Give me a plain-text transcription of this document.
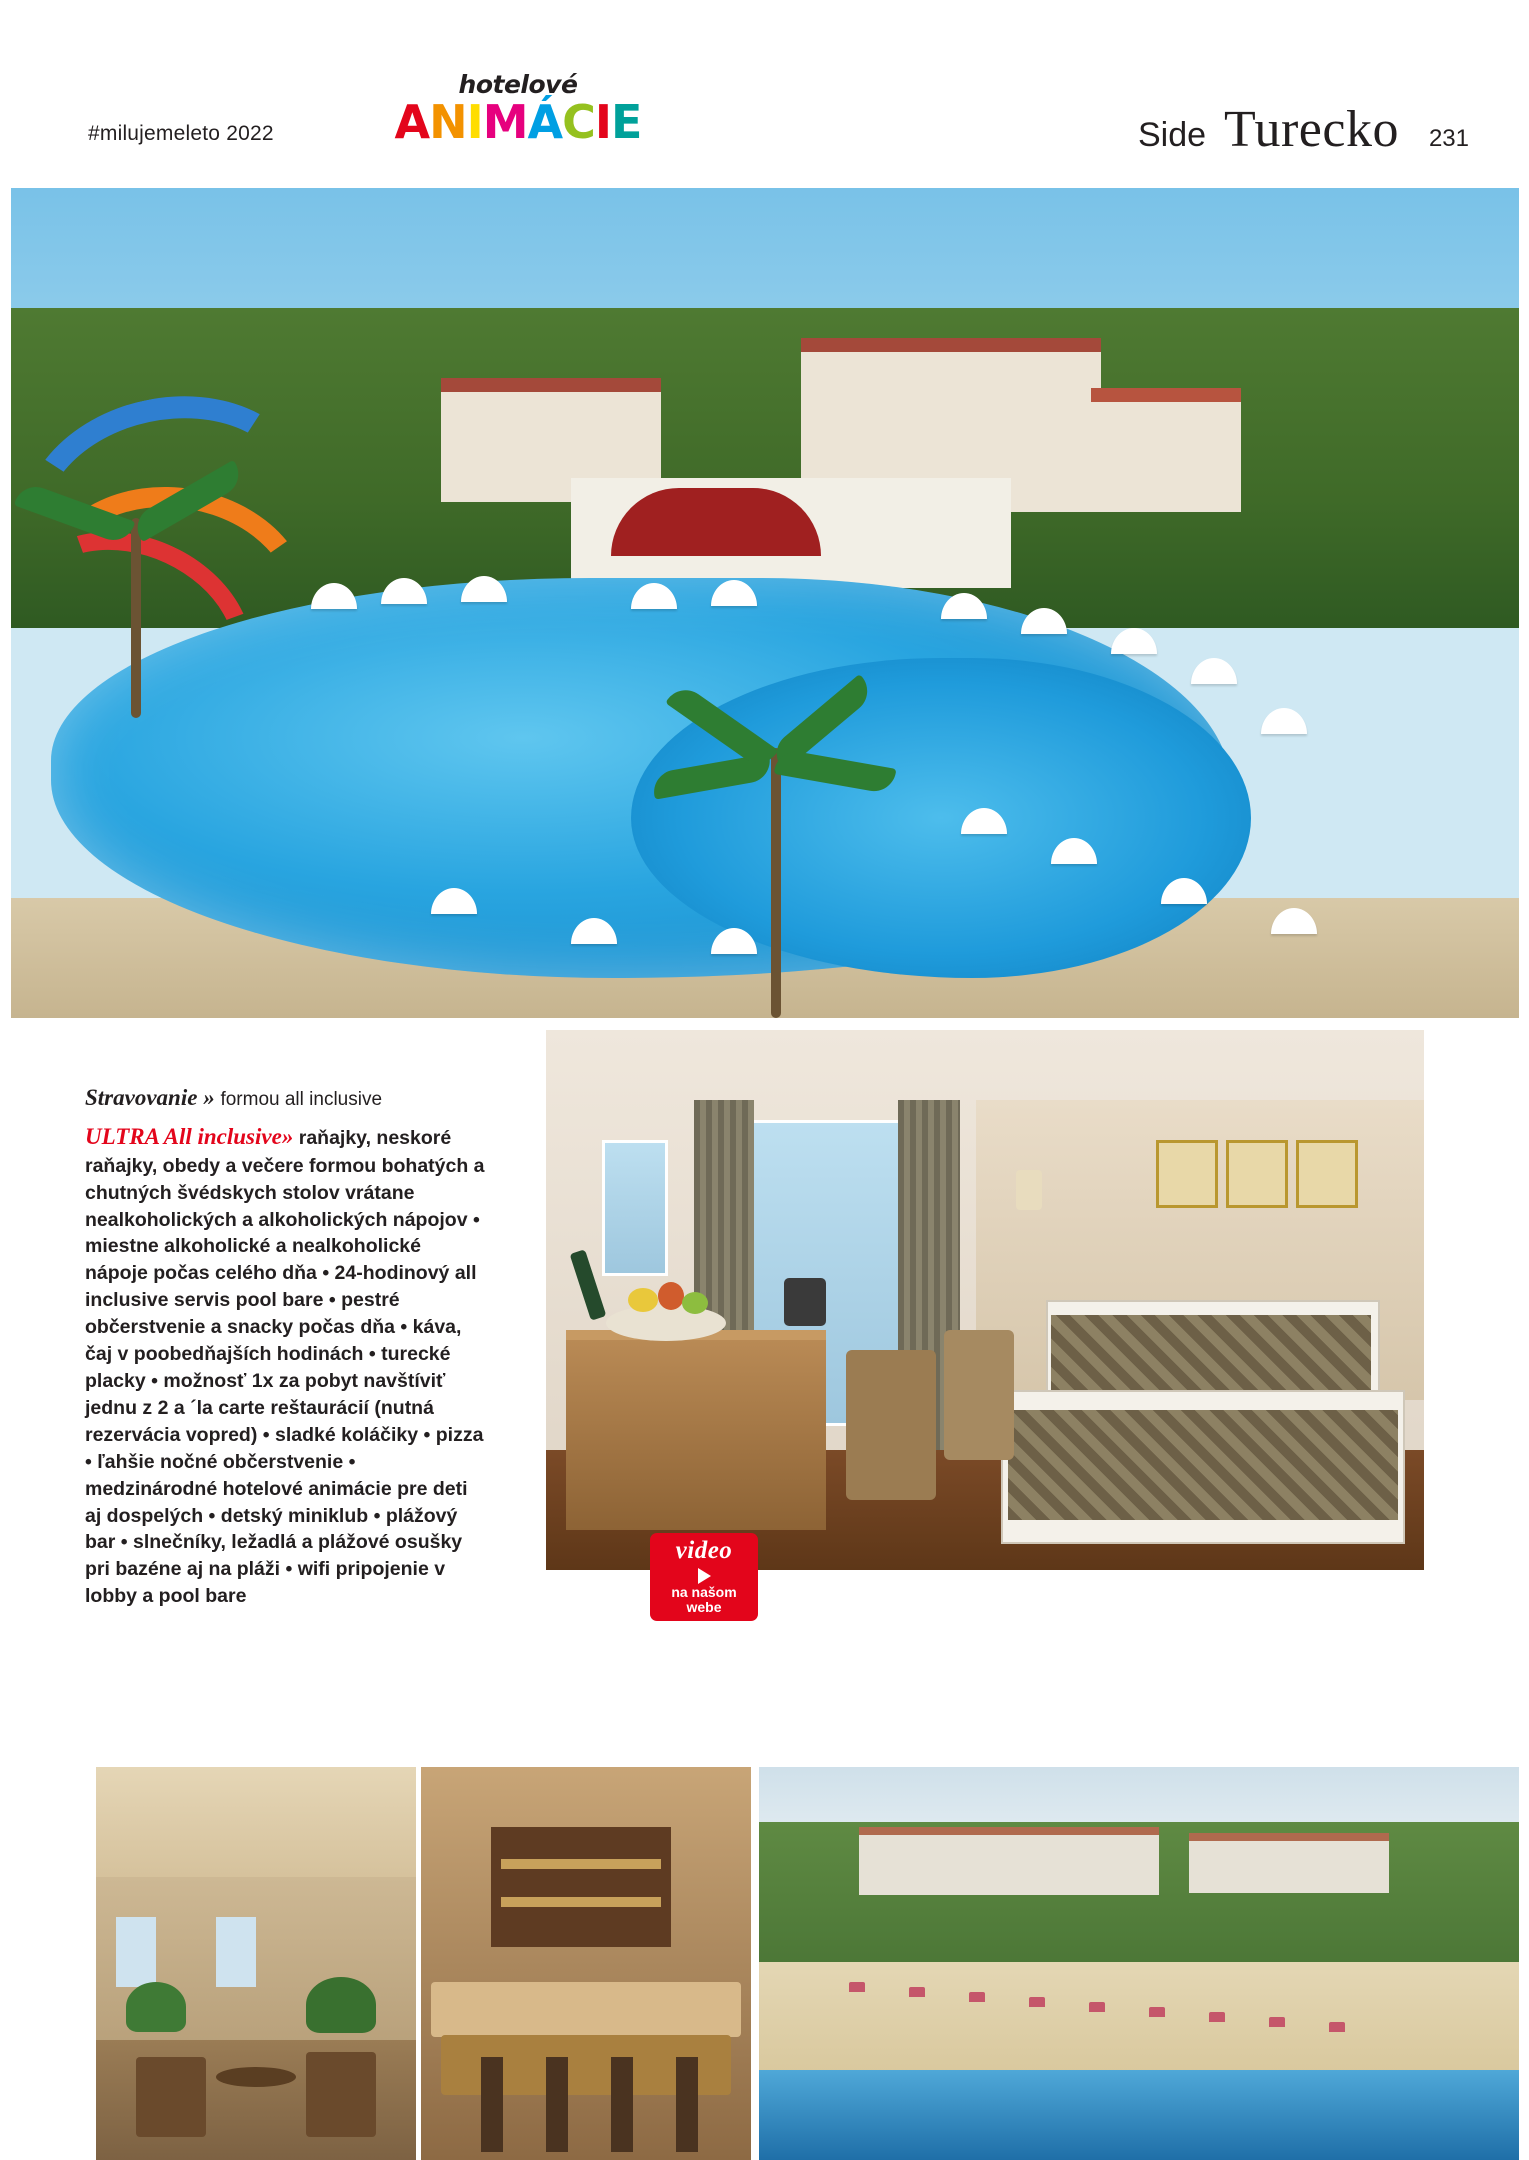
#milujemeleto 2022
hotelové
ANIMÁCIE	Side Turecko 231
Stravovanie » formou all inclusive
ULTRA All inclusive» raňajky, neskoré raňajky, obedy a večere formou bohatých a chutných švédskych stolov vrátane nealkoholických a alkoholických nápojov • miestne alkoholické a nealkoholické nápoje počas celého dňa • 24-hodinový all inclusive servis pool bare • pestré občerstvenie a snacky počas dňa • káva, čaj v poobedňajších hodinách • turecké placky • možnosť 1x za pobyt navštíviť jednu z 2 a ´la carte reštaurácií (nutná rezervácia vopred) • sladké koláčiky • pizza • ľahšie nočné občerstvenie • medzinárodné hotelové animácie pre deti aj dospelých • detský miniklub • plážový bar • slnečníky, ležadlá a plážové osušky pri bazéne aj na pláži • wifi pripojenie v lobby a pool bare
video
na našom
webe
